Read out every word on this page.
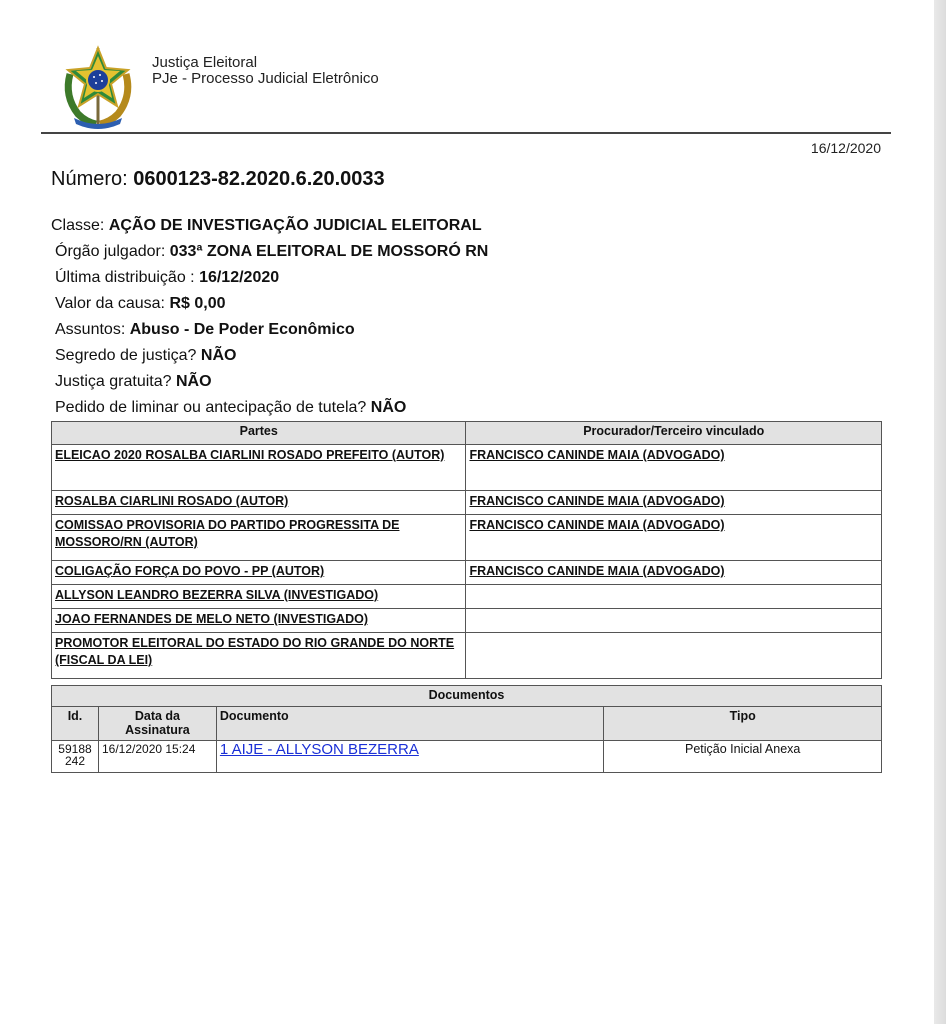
Justiça Eleitoral
PJe - Processo Judicial Eletrônico
16/12/2020
Número: 0600123-82.2020.6.20.0033
Classe: AÇÃO DE INVESTIGAÇÃO JUDICIAL ELEITORAL
Órgão julgador: 033ª ZONA ELEITORAL DE MOSSORÓ RN
Última distribuição : 16/12/2020
Valor da causa: R$ 0,00
Assuntos: Abuso - De Poder Econômico
Segredo de justiça? NÃO
Justiça gratuita? NÃO
Pedido de liminar ou antecipação de tutela? NÃO
Partes	Procurador/Terceiro vinculado
ELEICAO 2020 ROSALBA CIARLINI ROSADO PREFEITO (AUTOR)	FRANCISCO CANINDE MAIA (ADVOGADO)
ROSALBA CIARLINI ROSADO (AUTOR)	FRANCISCO CANINDE MAIA (ADVOGADO)
COMISSAO PROVISORIA DO PARTIDO PROGRESSITA DE MOSSORO/RN (AUTOR)	FRANCISCO CANINDE MAIA (ADVOGADO)
COLIGAÇÃO FORÇA DO POVO - PP (AUTOR)	FRANCISCO CANINDE MAIA (ADVOGADO)
ALLYSON LEANDRO BEZERRA SILVA (INVESTIGADO)	
JOAO FERNANDES DE MELO NETO (INVESTIGADO)	
PROMOTOR ELEITORAL DO ESTADO DO RIO GRANDE DO NORTE (FISCAL DA LEI)	
Documentos			
Id.	Data da Assinatura	Documento	Tipo
59188 242	16/12/2020 15:24	1 AIJE - ALLYSON BEZERRA	Petição Inicial Anexa
